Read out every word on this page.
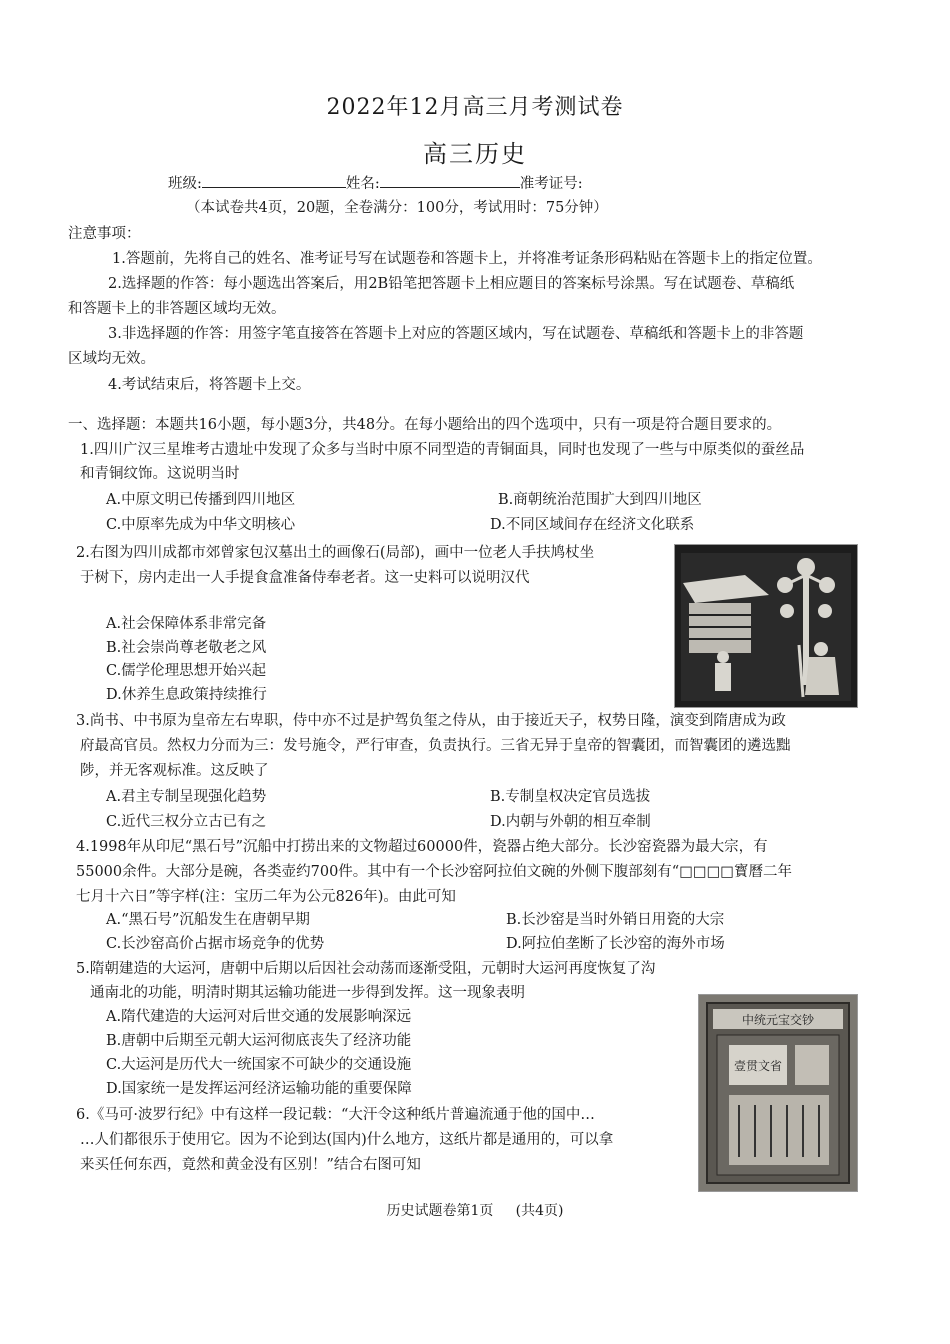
2022年12月高三月考测试卷
高三历史
班级:	姓名:	准考证号:
（本试卷共4页，20题，全卷满分：100分，考试用时：75分钟）
注意事项：
1.答题前，先将自己的姓名、准考证号写在试题卷和答题卡上，并将准考证条形码粘贴在答题卡上的指定位置。
2.选择题的作答：每小题选出答案后，用2B铅笔把答题卡上相应题目的答案标号涂黑。写在试题卷、草稿纸
和答题卡上的非答题区域均无效。
3.非选择题的作答：用签字笔直接答在答题卡上对应的答题区域内，写在试题卷、草稿纸和答题卡上的非答题
区域均无效。
4.考试结束后，将答题卡上交。
一、选择题：本题共16小题，每小题3分，共48分。在每小题给出的四个选项中，只有一项是符合题目要求的。
1.四川广汉三星堆考古遗址中发现了众多与当时中原不同型造的青铜面具，同时也发现了一些与中原类似的蚕丝品
和青铜纹饰。这说明当时
A.中原文明已传播到四川地区	B.商朝统治范围扩大到四川地区
C.中原率先成为中华文明核心	D.不同区域间存在经济文化联系
2.右图为四川成都市郊曾家包汉墓出土的画像石(局部)，画中一位老人手扶鸠杖坐
于树下，房内走出一人手提食盒准备侍奉老者。这一史料可以说明汉代
A.社会保障体系非常完备
B.社会崇尚尊老敬老之风
C.儒学伦理思想开始兴起
D.休养生息政策持续推行
3.尚书、中书原为皇帝左右卑职，侍中亦不过是护驾负玺之侍从，由于接近天子，权势日隆，演变到隋唐成为政
府最高官员。然权力分而为三：发号施令，严行审查，负责执行。三省无异于皇帝的智囊团，而智囊团的遴选黜
陟，并无客观标准。这反映了
A.君主专制呈现强化趋势	B.专制皇权决定官员选拔
C.近代三权分立古已有之	D.内朝与外朝的相互牵制
4.1998年从印尼“黑石号”沉船中打捞出来的文物超过60000件，瓷器占绝大部分。长沙窑瓷器为最大宗，有
55000余件。大部分是碗，各类壶约700件。其中有一个长沙窑阿拉伯文碗的外侧下腹部刻有“□□□□寳曆二年
七月十六日”等字样(注：宝历二年为公元826年)。由此可知
A.“黑石号”沉船发生在唐朝早期	B.长沙窑是当时外销日用瓷的大宗
C.长沙窑高价占据市场竞争的优势	D.阿拉伯垄断了长沙窑的海外市场
5.隋朝建造的大运河，唐朝中后期以后因社会动荡而逐渐受阻，元朝时大运河再度恢复了沟
通南北的功能，明清时期其运输功能进一步得到发挥。这一现象表明
A.隋代建造的大运河对后世交通的发展影响深远
B.唐朝中后期至元朝大运河彻底丧失了经济功能
C.大运河是历代大一统国家不可缺少的交通设施
D.国家统一是发挥运河经济运输功能的重要保障
6.《马可·波罗行纪》中有这样一段记载：“大汗令这种纸片普遍流通于他的国中…
…人们都很乐于使用它。因为不论到达(国内)什么地方，这纸片都是通用的，可以拿
来买任何东西，竟然和黄金没有区别！”结合右图可知
中统元宝交钞
壹贯文省
历史试题卷第1页 (共4页)
